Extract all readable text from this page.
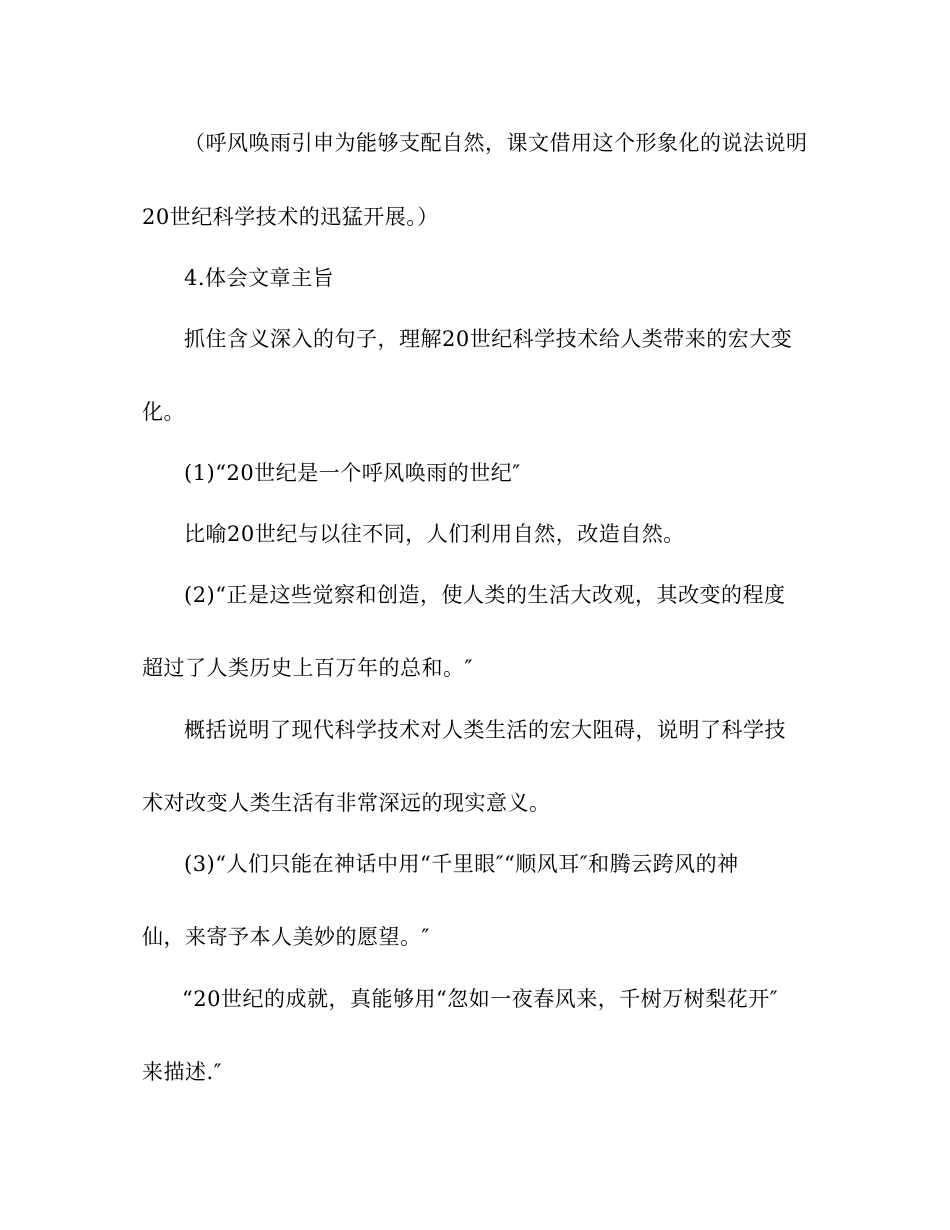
（呼风唤雨引申为能够支配自然，课文借用这个形象化的说法说明
20世纪科学技术的迅猛开展。）
4.体会文章主旨
抓住含义深入的句子，理解20世纪科学技术给人类带来的宏大变
化。
(1)“20世纪是一个呼风唤雨的世纪″
比喻20世纪与以往不同，人们利用自然，改造自然。
(2)“正是这些觉察和创造，使人类的生活大改观，其改变的程度
超过了人类历史上百万年的总和。″
概括说明了现代科学技术对人类生活的宏大阻碍，说明了科学技
术对改变人类生活有非常深远的现实意义。
(3)“人们只能在神话中用“千里眼″“顺风耳″和腾云跨风的神
仙，来寄予本人美妙的愿望。″
“20世纪的成就，真能够用“忽如一夜春风来，千树万树梨花开″
来描述.″
